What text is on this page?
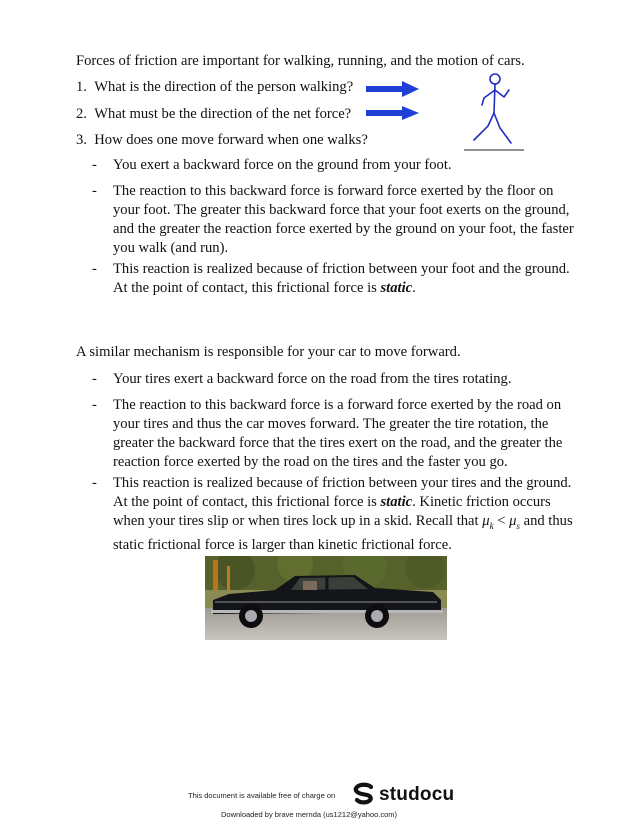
Forces of friction are important for walking, running, and the motion of cars.
1. What is the direction of the person walking?
2. What must be the direction of the net force?
3. How does one move forward when one walks?
- You exert a backward force on the ground from your foot.
- The reaction to this backward force is forward force exerted by the floor on your foot. The greater this backward force that your foot exerts on the ground, and the greater the reaction force exerted by the ground on your foot, the faster you walk (and run).
- This reaction is realized because of friction between your foot and the ground. At the point of contact, this frictional force is static.
A similar mechanism is responsible for your car to move forward.
- Your tires exert a backward force on the road from the tires rotating.
- The reaction to this backward force is a forward force exerted by the road on your tires and thus the car moves forward. The greater the tire rotation, the greater the backward force that the tires exert on the road, and the greater the reaction force exerted by the road on the tires and the faster you go.
- This reaction is realized because of friction between your tires and the ground. At the point of contact, this frictional force is static. Kinetic friction occurs when your tires slip or when tires lock up in a skid. Recall that $\mu_k < \mu_s$ and thus static frictional force is larger than kinetic frictional force.
This document is available free of charge on studocu
Downloaded by brave mernda (us1212@yahoo.com)
